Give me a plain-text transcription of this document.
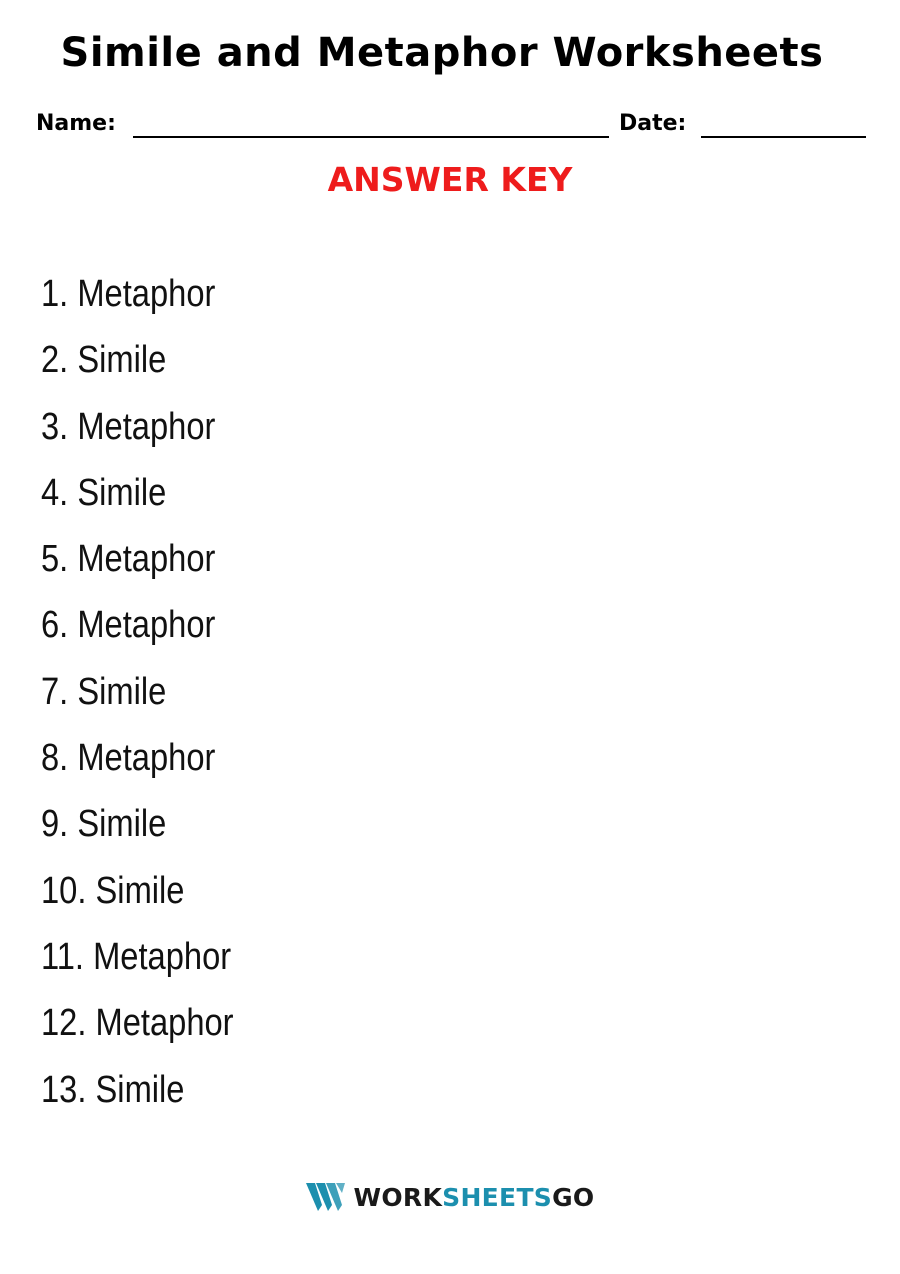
Simile and Metaphor Worksheets
Name:	Date:
ANSWER KEY
1. Metaphor
2. Simile
3. Metaphor
4. Simile
5. Metaphor
6. Metaphor
7. Simile
8. Metaphor
9. Simile
10. Simile
11. Metaphor
12. Metaphor
13. Simile
WORKSHEETSGO
